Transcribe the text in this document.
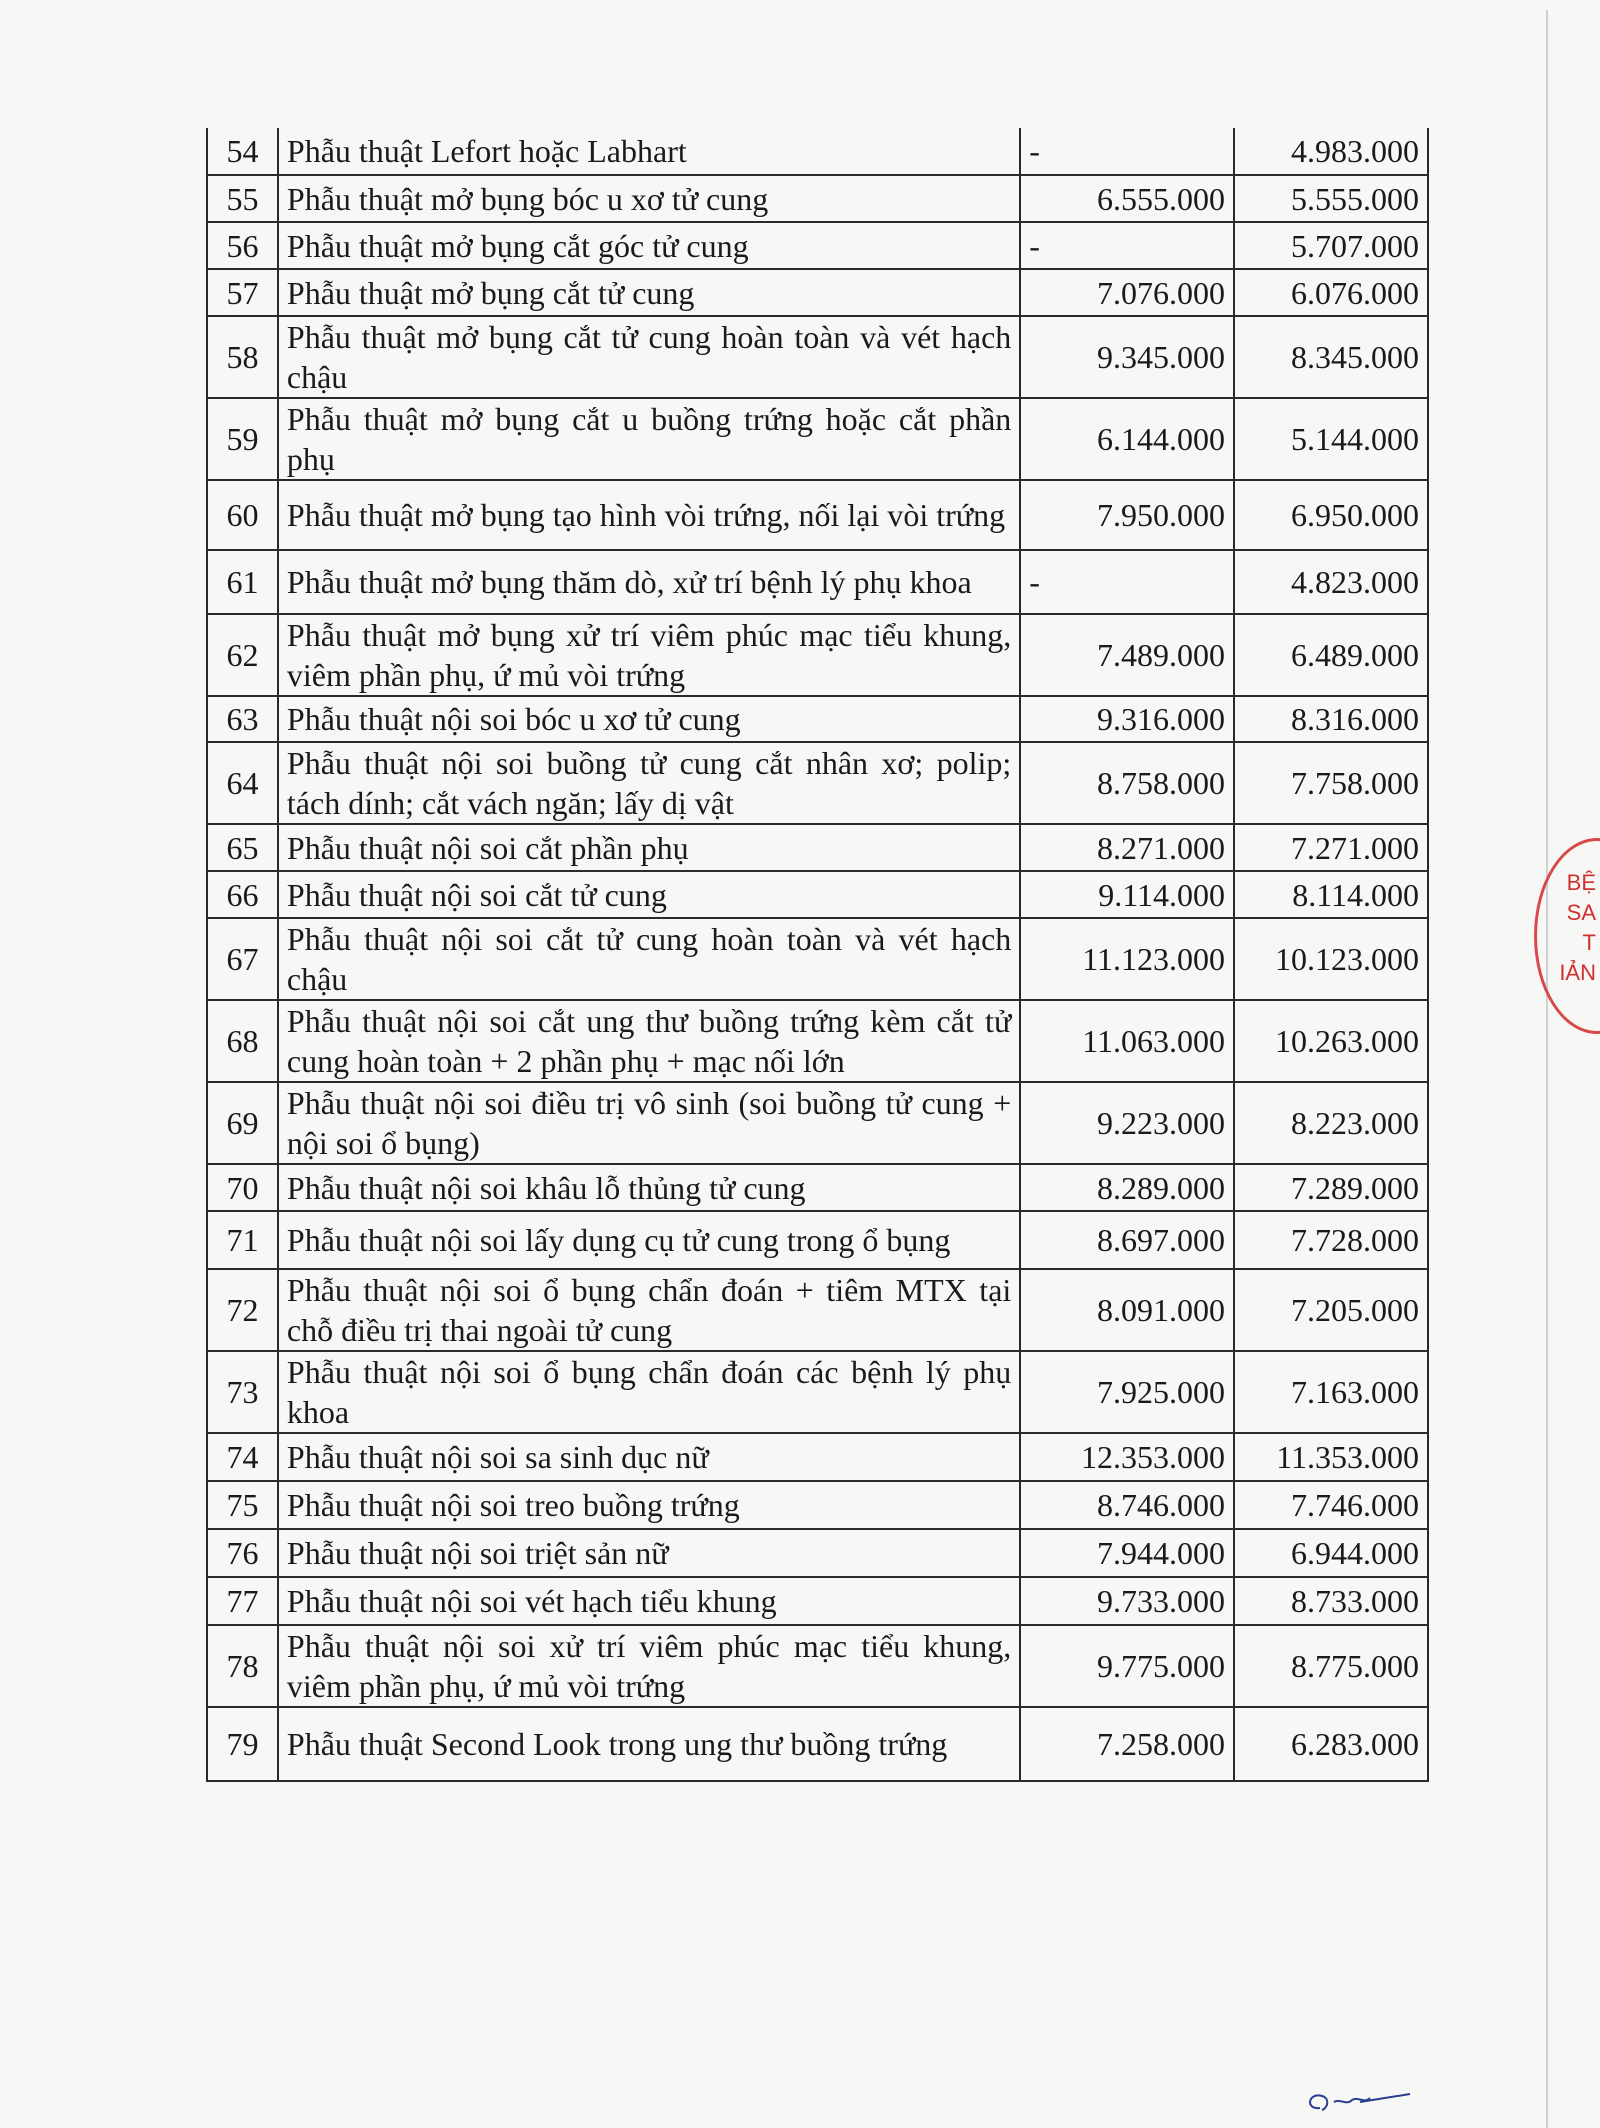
54	Phẫu thuật Lefort hoặc Labhart	-	4.983.000
55	Phẫu thuật mở bụng bóc u xơ tử cung	6.555.000	5.555.000
56	Phẫu thuật mở bụng cắt góc tử cung	-	5.707.000
57	Phẫu thuật mở bụng cắt tử cung	7.076.000	6.076.000
58	Phẫu thuật mở bụng cắt tử cung hoàn toàn và vét hạch chậu	9.345.000	8.345.000
59	Phẫu thuật mở bụng cắt u buồng trứng hoặc cắt phần phụ	6.144.000	5.144.000
60	Phẫu thuật mở bụng tạo hình vòi trứng, nối lại vòi trứng	7.950.000	6.950.000
61	Phẫu thuật mở bụng thăm dò, xử trí bệnh lý phụ khoa	-	4.823.000
62	Phẫu thuật mở bụng xử trí viêm phúc mạc tiểu khung, viêm phần phụ, ứ mủ vòi trứng	7.489.000	6.489.000
63	Phẫu thuật nội soi bóc u xơ tử cung	9.316.000	8.316.000
64	Phẫu thuật nội soi buồng tử cung cắt nhân xơ; polip; tách dính; cắt vách ngăn; lấy dị vật	8.758.000	7.758.000
65	Phẫu thuật nội soi cắt phần phụ	8.271.000	7.271.000
66	Phẫu thuật nội soi cắt tử cung	9.114.000	8.114.000
67	Phẫu thuật nội soi cắt tử cung hoàn toàn và vét hạch chậu	11.123.000	10.123.000
68	Phẫu thuật nội soi cắt ung thư buồng trứng kèm cắt tử cung hoàn toàn + 2 phần phụ + mạc nối lớn	11.063.000	10.263.000
69	Phẫu thuật nội soi điều trị vô sinh (soi buồng tử cung + nội soi ổ bụng)	9.223.000	8.223.000
70	Phẫu thuật nội soi khâu lỗ thủng tử cung	8.289.000	7.289.000
71	Phẫu thuật nội soi lấy dụng cụ tử cung trong ổ bụng	8.697.000	7.728.000
72	Phẫu thuật nội soi ổ bụng chẩn đoán + tiêm MTX tại chỗ điều trị thai ngoài tử cung	8.091.000	7.205.000
73	Phẫu thuật nội soi ổ bụng chẩn đoán các bệnh lý phụ khoa	7.925.000	7.163.000
74	Phẫu thuật nội soi sa sinh dục nữ	12.353.000	11.353.000
75	Phẫu thuật nội soi treo buồng trứng	8.746.000	7.746.000
76	Phẫu thuật nội soi triệt sản nữ	7.944.000	6.944.000
77	Phẫu thuật nội soi vét hạch tiểu khung	9.733.000	8.733.000
78	Phẫu thuật nội soi xử trí viêm phúc mạc tiểu khung, viêm phần phụ, ứ mủ vòi trứng	9.775.000	8.775.000
79	Phẫu thuật Second Look trong ung thư buồng trứng	7.258.000	6.283.000
BỆ
SA
T
IẢN
